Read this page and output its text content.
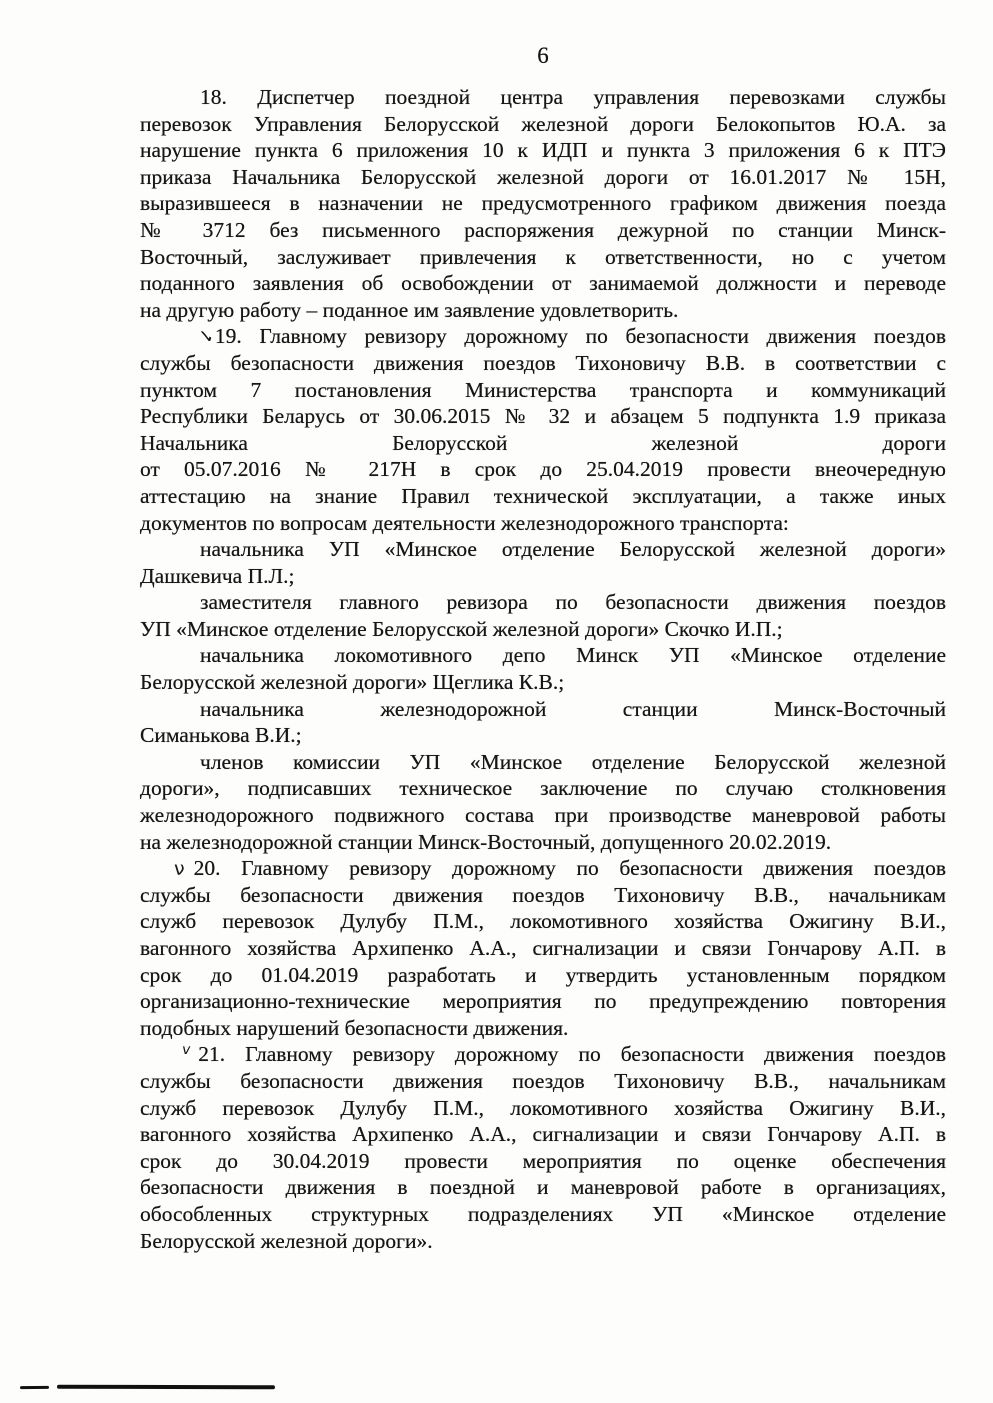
6
18. Диспетчер поездной центра управления перевозками службы
перевозок Управления Белорусской железной дороги Белокопытов Ю.А. за
нарушение пункта 6 приложения 10 к ИДП и пункта 3 приложения 6 к ПТЭ
приказа Начальника Белорусской железной дороги от 16.01.2017 № 15Н,
выразившееся в назначении не предусмотренного графиком движения поезда
№ 3712 без письменного распоряжения дежурной по станции Минск-
Восточный, заслуживает привлечения к ответственности, но с учетом
поданного заявления об освобождении от занимаемой должности и переводе
на другую работу – поданное им заявление удовлетворить.
✓19. Главному ревизору дорожному по безопасности движения поездов
службы безопасности движения поездов Тихоновичу В.В. в соответствии с
пунктом 7 постановления Министерства транспорта и коммуникаций
Республики Беларусь от 30.06.2015 № 32 и абзацем 5 подпункта 1.9 приказа
Начальника Белорусской железной дороги
от 05.07.2016 № 217Н в срок до 25.04.2019 провести внеочередную
аттестацию на знание Правил технической эксплуатации, а также иных
документов по вопросам деятельности железнодорожного транспорта:
начальника УП «Минское отделение Белорусской железной дороги»
Дашкевича П.Л.;
заместителя главного ревизора по безопасности движения поездов
УП «Минское отделение Белорусской железной дороги» Скочко И.П.;
начальника локомотивного депо Минск УП «Минское отделение
Белорусской железной дороги» Щеглика К.В.;
начальника железнодорожной станции Минск-Восточный
Симанькова В.И.;
членов комиссии УП «Минское отделение Белорусской железной
дороги», подписавших техническое заключение по случаю столкновения
железнодорожного подвижного состава при производстве маневровой работы
на железнодорожной станции Минск-Восточный, допущенного 20.02.2019.
ν 20. Главному ревизору дорожному по безопасности движения поездов
службы безопасности движения поездов Тихоновичу В.В., начальникам
служб перевозок Дулубу П.М., локомотивного хозяйства Ожигину В.И.,
вагонного хозяйства Архипенко А.А., сигнализации и связи Гончарову А.П. в
срок до 01.04.2019 разработать и утвердить установленным порядком
организационно-технические мероприятия по предупреждению повторения
подобных нарушений безопасности движения.
v 21. Главному ревизору дорожному по безопасности движения поездов
службы безопасности движения поездов Тихоновичу В.В., начальникам
служб перевозок Дулубу П.М., локомотивного хозяйства Ожигину В.И.,
вагонного хозяйства Архипенко А.А., сигнализации и связи Гончарову А.П. в
срок до 30.04.2019 провести мероприятия по оценке обеспечения
безопасности движения в поездной и маневровой работе в организациях,
обособленных структурных подразделениях УП «Минское отделение
Белорусской железной дороги».
